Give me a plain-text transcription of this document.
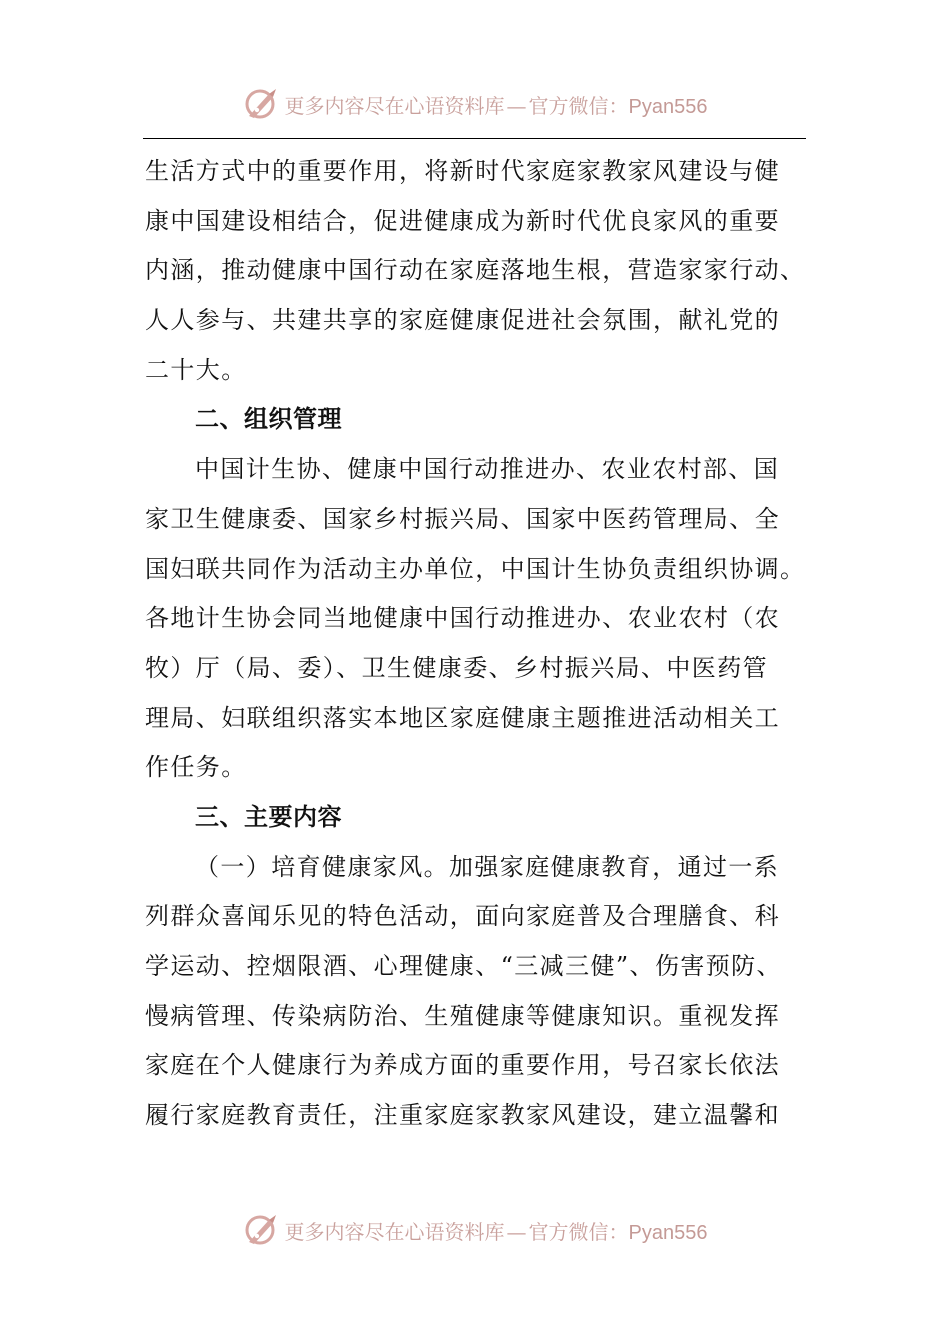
更多内容尽在心语资料库 — 官方微信： Pyan556
生活方式中的重要作用，将新时代家庭家教家风建设与健
康中国建设相结合，促进健康成为新时代优良家风的重要
内涵，推动健康中国行动在家庭落地生根，营造家家行动、
人人参与、共建共享的家庭健康促进社会氛围，献礼党的
二十大。
二、组织管理
中国计生协、健康中国行动推进办、农业农村部、国
家卫生健康委、国家乡村振兴局、国家中医药管理局、全
国妇联共同作为活动主办单位，中国计生协负责组织协调。
各地计生协会同当地健康中国行动推进办、农业农村（农
牧）厅（局、委）、卫生健康委、乡村振兴局、中医药管
理局、妇联组织落实本地区家庭健康主题推进活动相关工
作任务。
三、主要内容
（一）培育健康家风。加强家庭健康教育，通过一系
列群众喜闻乐见的特色活动，面向家庭普及合理膳食、科
学运动、控烟限酒、心理健康、“三减三健”、伤害预防、
慢病管理、传染病防治、生殖健康等健康知识。重视发挥
家庭在个人健康行为养成方面的重要作用，号召家长依法
履行家庭教育责任，注重家庭家教家风建设，建立温馨和
更多内容尽在心语资料库 — 官方微信： Pyan556
